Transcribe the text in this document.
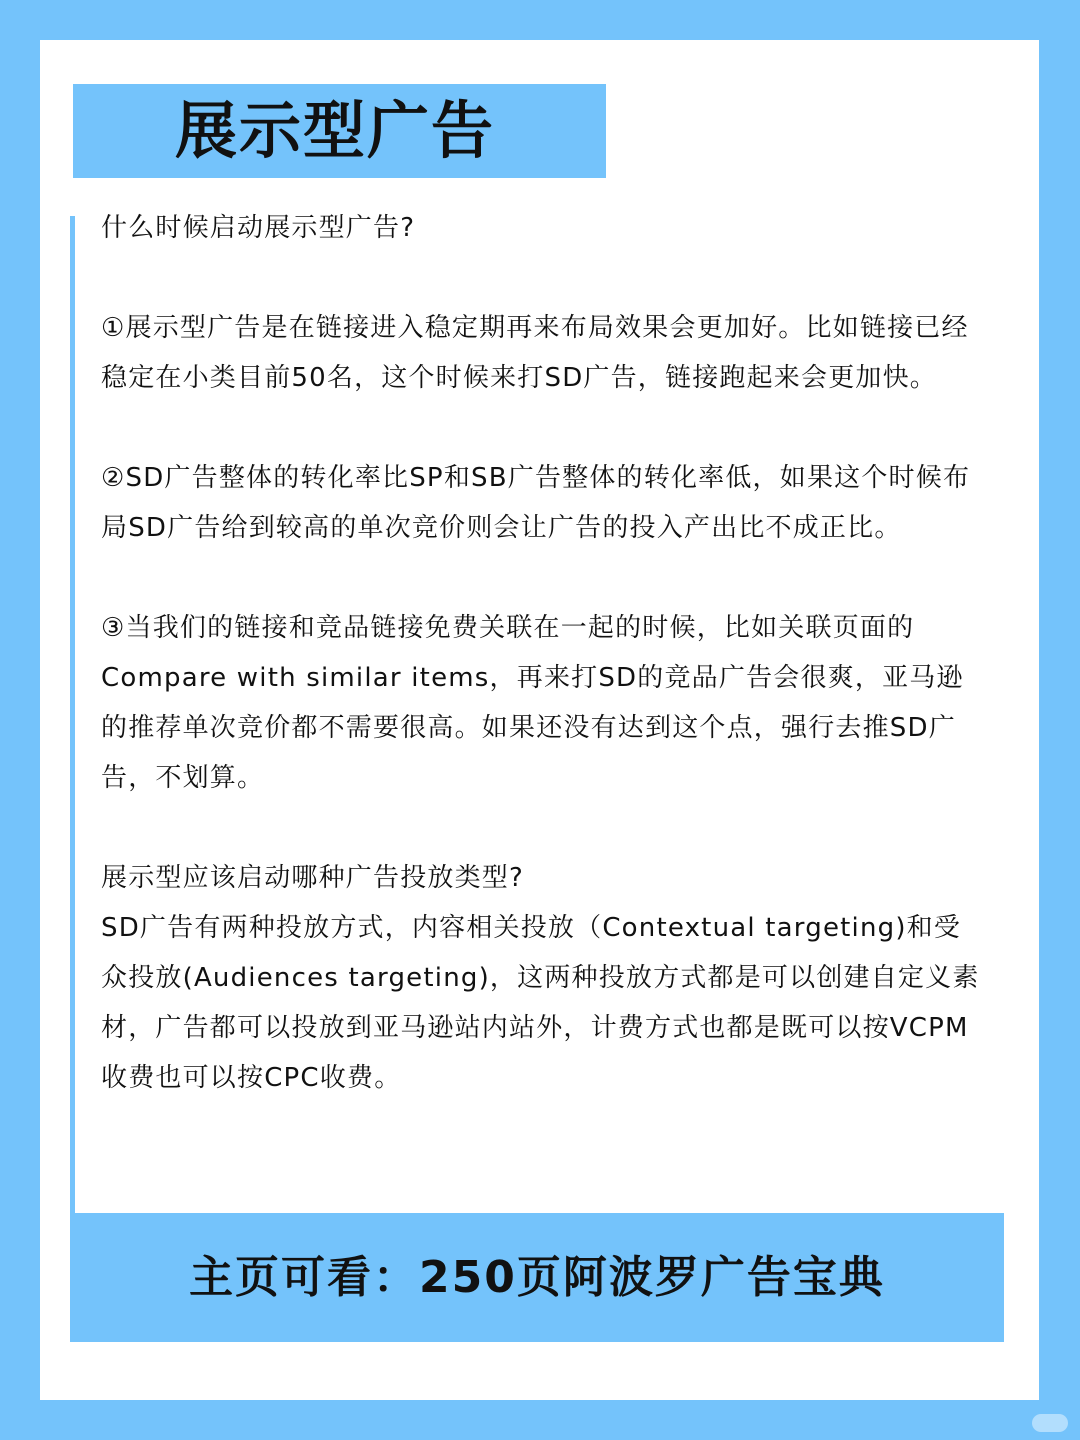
展示型广告

什么时候启动展示型广告?

①展示型广告是在链接进入稳定期再来布局效果会更加好。比如链接已经稳定在小类目前50名，这个时候来打SD广告，链接跑起来会更加快。

②SD广告整体的转化率比SP和SB广告整体的转化率低，如果这个时候布局SD广告给到较高的单次竞价则会让广告的投入产出比不成正比。

③当我们的链接和竞品链接免费关联在一起的时候，比如关联页面的Compare with similar items，再来打SD的竞品广告会很爽，亚马逊的推荐单次竞价都不需要很高。如果还没有达到这个点，强行去推SD广告，不划算。

展示型应该启动哪种广告投放类型?

SD广告有两种投放方式，内容相关投放（Contextual targeting)和受众投放(Audiences targeting)，这两种投放方式都是可以创建自定义素材，广告都可以投放到亚马逊站内站外，计费方式也都是既可以按VCPM收费也可以按CPC收费。

主页可看：250页阿波罗广告宝典
